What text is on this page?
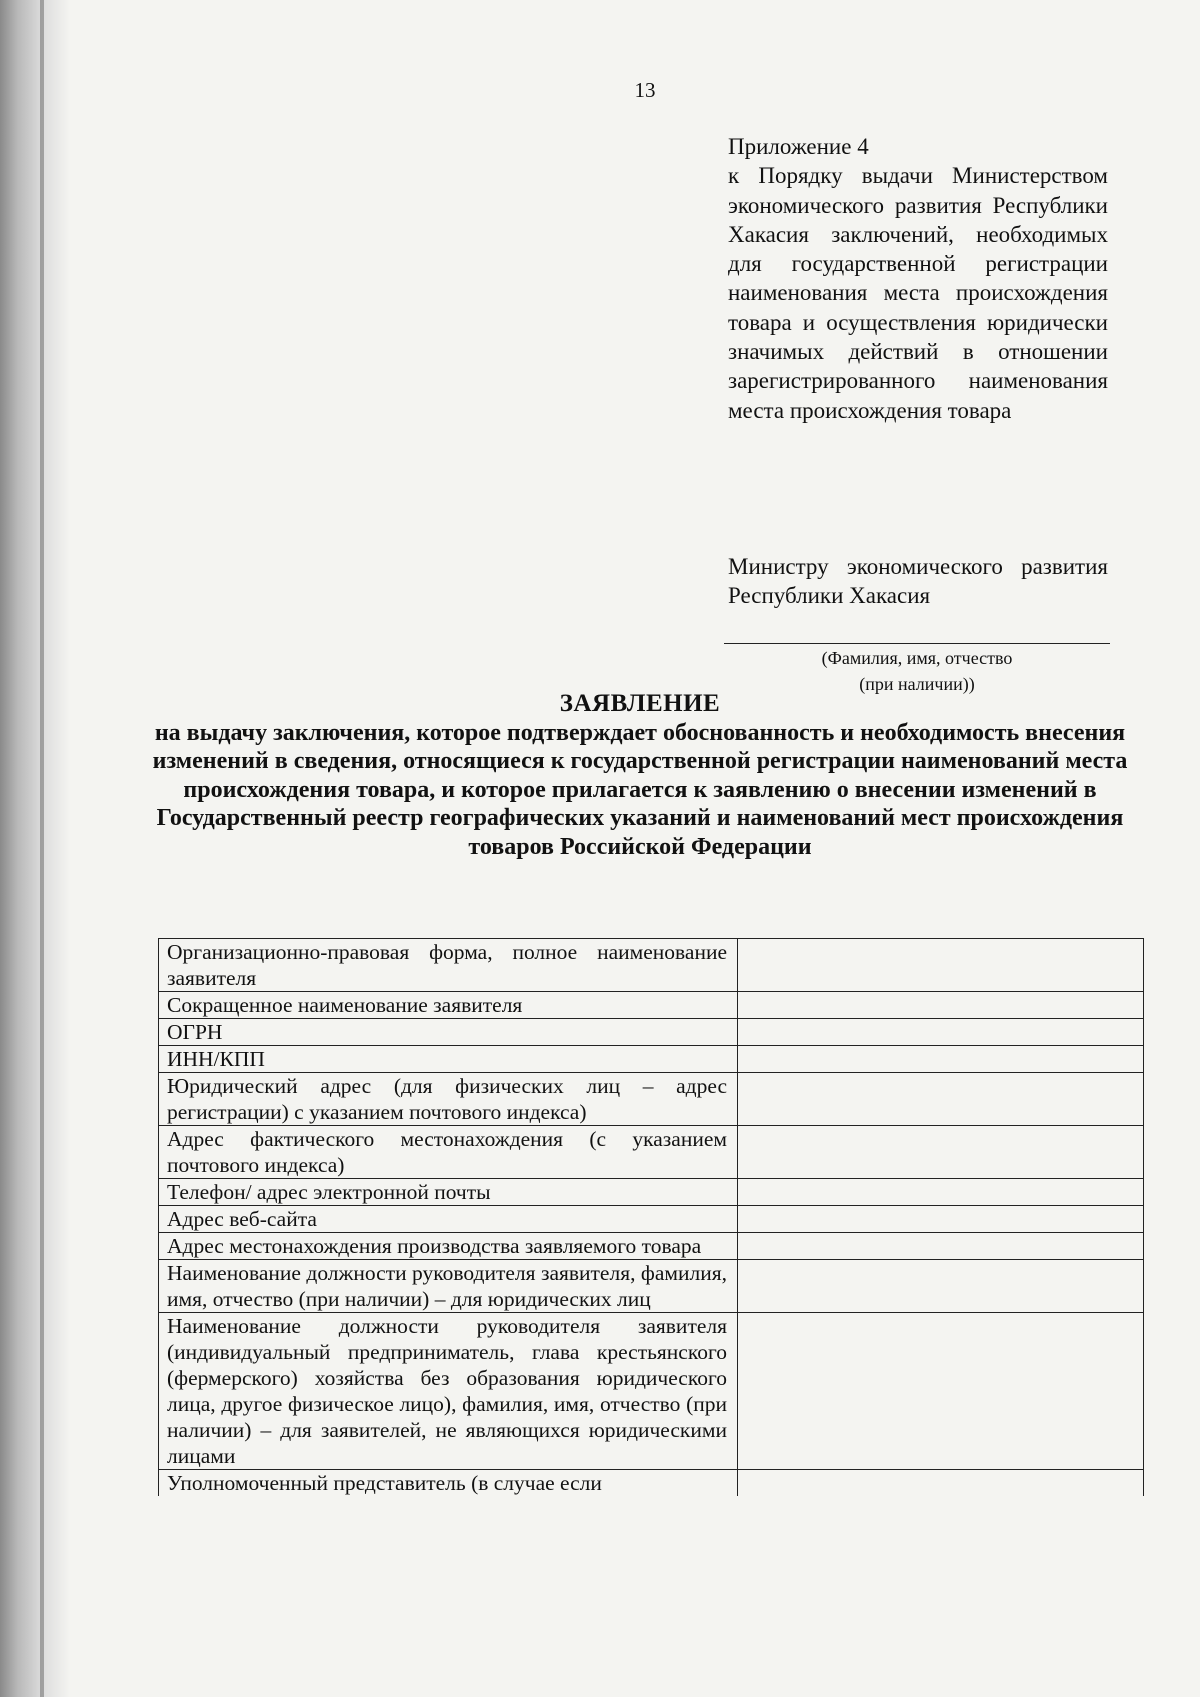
13
Приложение 4
к Порядку выдачи Министерством экономического развития Республики Хакасия заключений, необходимых для государственной регистрации наименования места происхождения товара и осуществления юридически значимых действий в отношении зарегистрированного наименования места происхождения товара
Министру экономического развития Республики Хакасия
(Фамилия, имя, отчество
(при наличии))
ЗАЯВЛЕНИЕ
на выдачу заключения, которое подтверждает обоснованность и необходимость внесения изменений в сведения, относящиеся к государственной регистрации наименований места происхождения товара, и которое прилагается к заявлению о внесении изменений в Государственный реестр географических указаний и наименований мест происхождения товаров Российской Федерации
Организационно-правовая форма, полное наименование заявителя	
Сокращенное наименование заявителя	
ОГРН	
ИНН/КПП	
Юридический адрес (для физических лиц – адрес регистрации) с указанием почтового индекса)	
Адрес фактического местонахождения (с указанием почтового индекса)	
Телефон/ адрес электронной почты	
Адрес веб-сайта	
Адрес местонахождения производства заявляемого товара	
Наименование должности руководителя заявителя, фамилия, имя, отчество (при наличии) – для юридических лиц	
Наименование должности руководителя заявителя (индивидуальный предприниматель, глава крестьянского (фермерского) хозяйства без образования юридического лица, другое физическое лицо), фамилия, имя, отчество (при наличии) – для заявителей, не являющихся юридическими лицами	
Уполномоченный представитель (в случае если	
